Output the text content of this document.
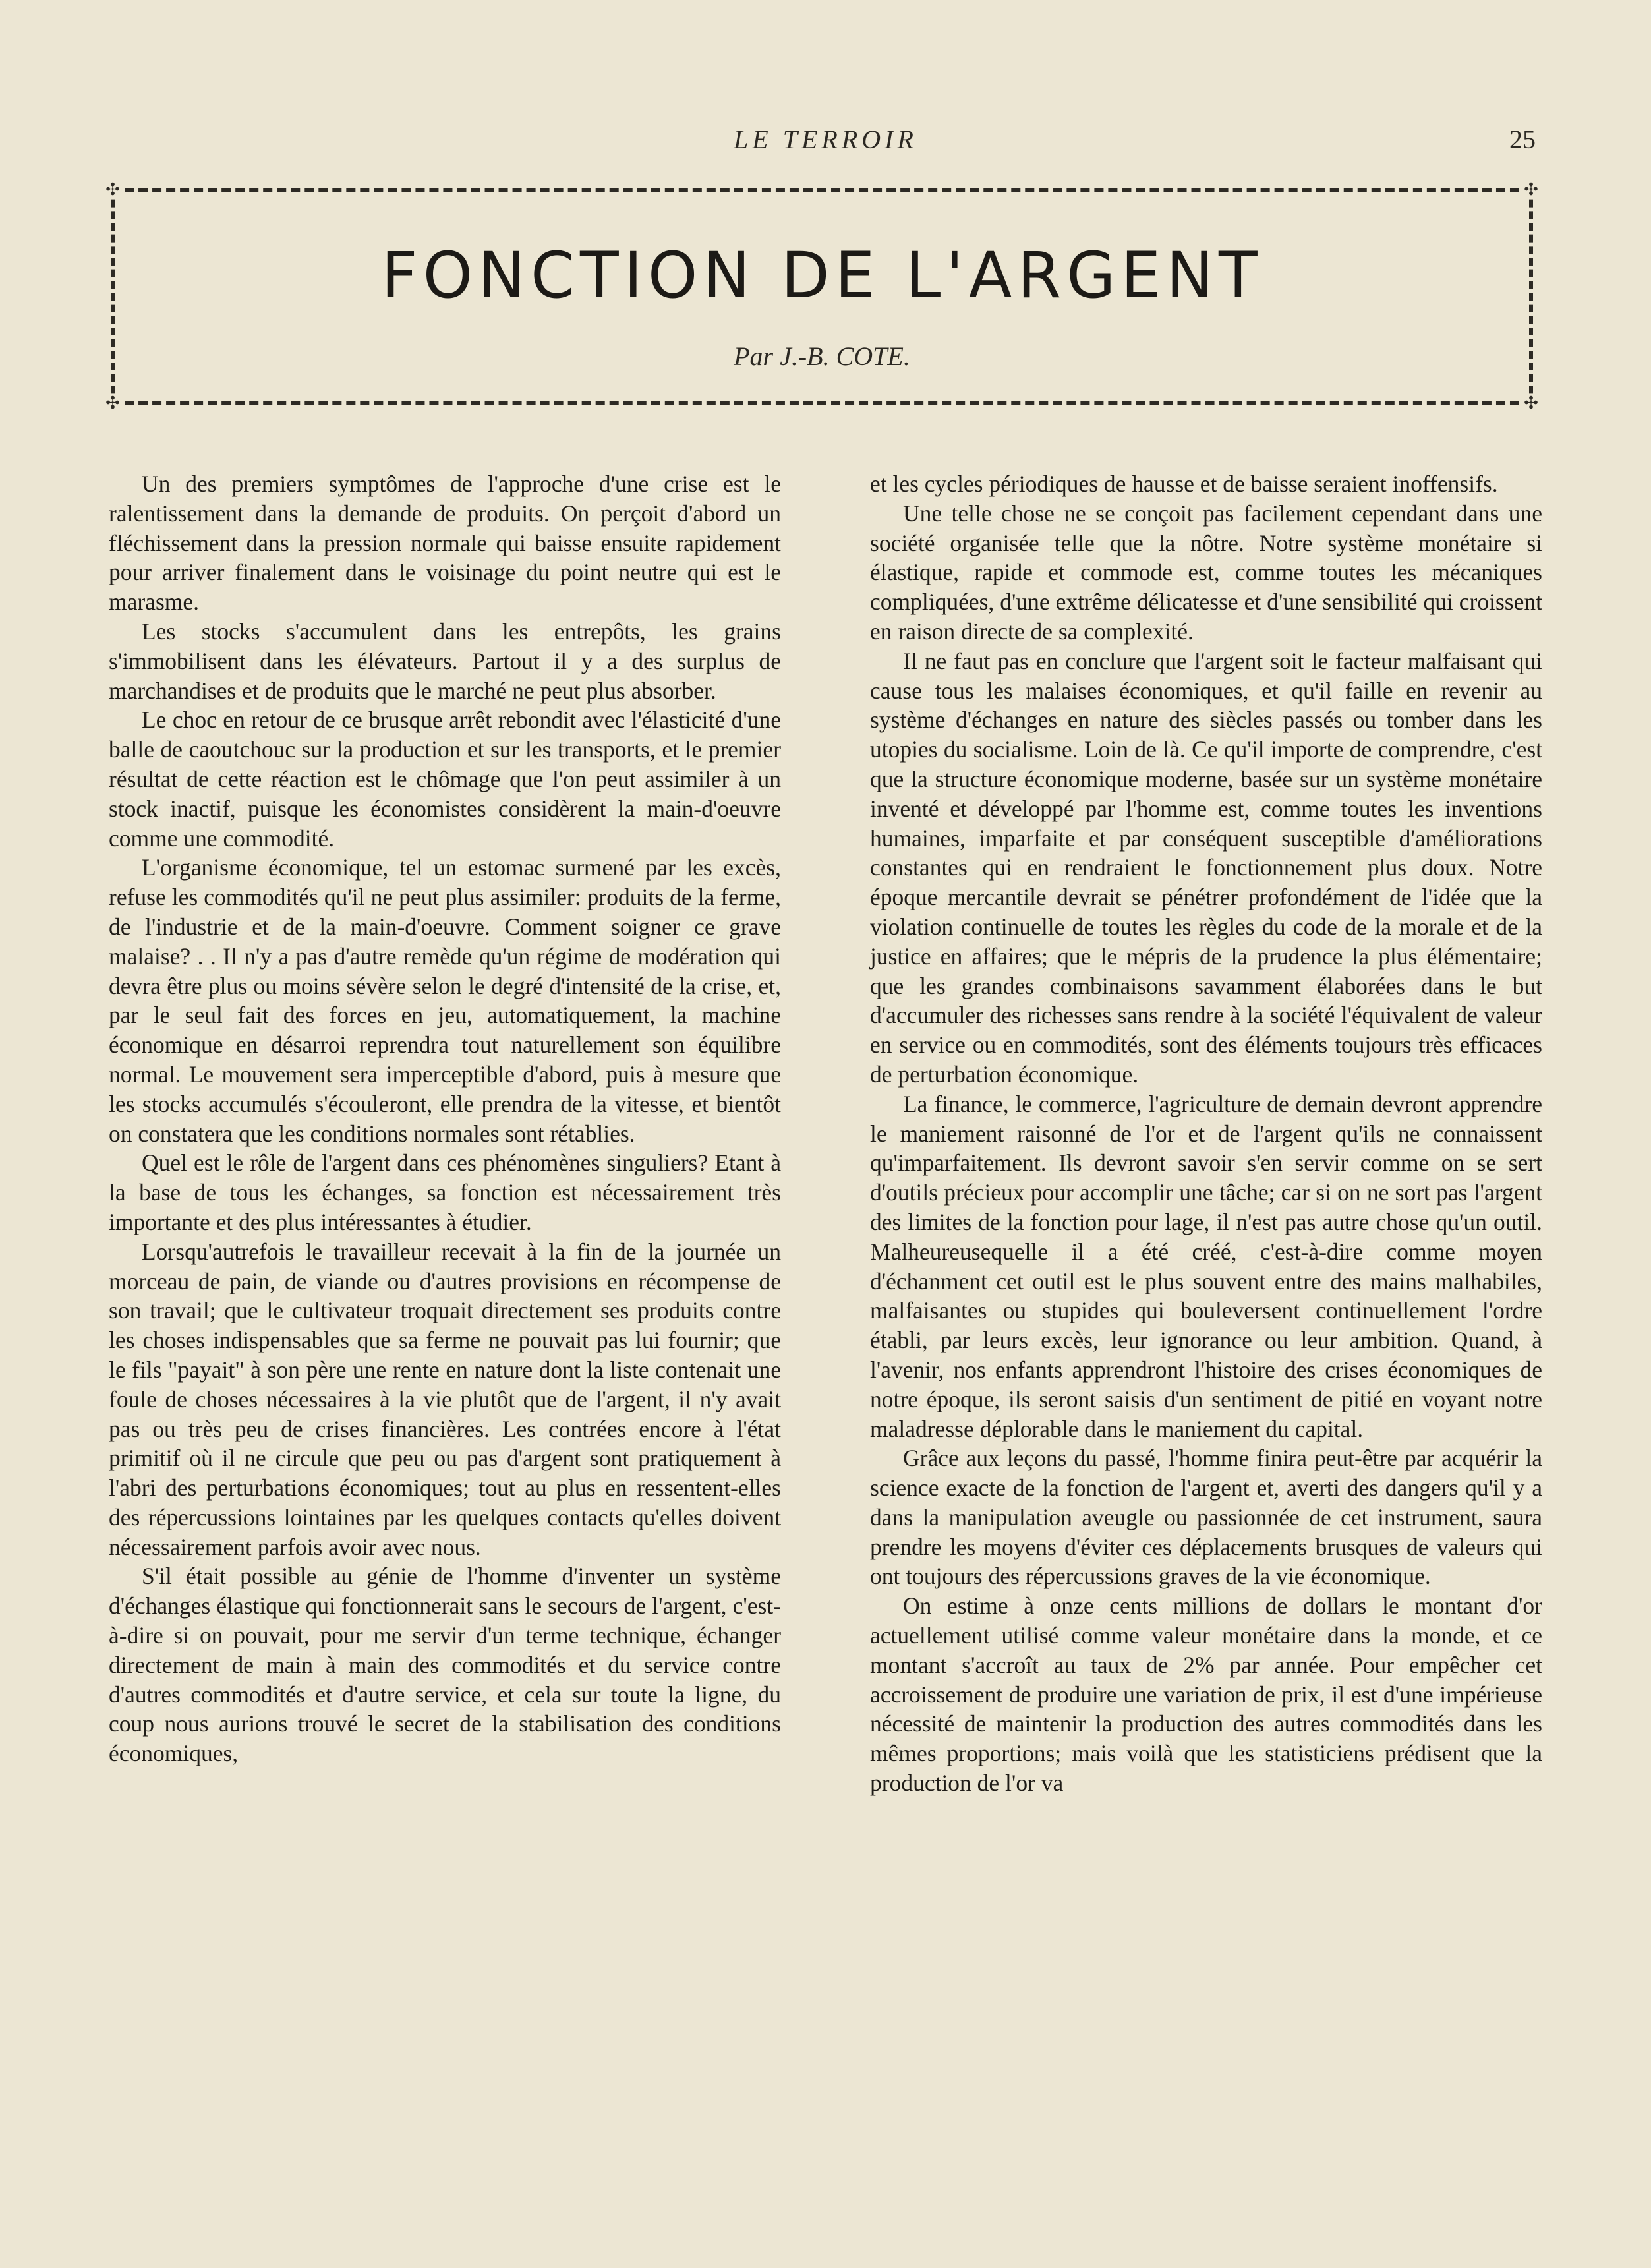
LE TERROIR	25
✣	✣
✣	✣
FONCTION DE L'ARGENT
Par J.-B. COTE.

Un des premiers symptômes de l'approche d'une crise est le ralentissement dans la demande de produits. On perçoit d'abord un fléchissement dans la pression normale qui baisse ensuite rapidement pour arriver finalement dans le voisinage du point neutre qui est le marasme.

Les stocks s'accumulent dans les entrepôts, les grains s'immobilisent dans les élévateurs. Partout il y a des surplus de marchandises et de produits que le marché ne peut plus absorber.

Le choc en retour de ce brusque arrêt rebondit avec l'élasticité d'une balle de caoutchouc sur la production et sur les transports, et le premier résultat de cette réaction est le chômage que l'on peut assimiler à un stock inactif, puisque les économistes considèrent la main-d'oeuvre comme une commodité.

L'organisme économique, tel un estomac surmené par les excès, refuse les commodités qu'il ne peut plus assimiler: produits de la ferme, de l'industrie et de la main-d'oeuvre. Comment soigner ce grave malaise? . . Il n'y a pas d'autre remède qu'un régime de modération qui devra être plus ou moins sévère selon le degré d'intensité de la crise, et, par le seul fait des forces en jeu, automatiquement, la machine économique en désarroi reprendra tout naturellement son équilibre normal. Le mouvement sera imperceptible d'abord, puis à mesure que les stocks accumulés s'écouleront, elle prendra de la vitesse, et bientôt on constatera que les conditions normales sont rétablies.

Quel est le rôle de l'argent dans ces phénomènes singuliers? Etant à la base de tous les échanges, sa fonction est nécessairement très importante et des plus intéressantes à étudier.

Lorsqu'autrefois le travailleur recevait à la fin de la journée un morceau de pain, de viande ou d'autres provisions en récompense de son travail; que le cultivateur troquait directement ses produits contre les choses indispensables que sa ferme ne pouvait pas lui fournir; que le fils "payait" à son père une rente en nature dont la liste contenait une foule de choses nécessaires à la vie plutôt que de l'argent, il n'y avait pas ou très peu de crises financières. Les contrées encore à l'état primitif où il ne circule que peu ou pas d'argent sont pratiquement à l'abri des perturbations économiques; tout au plus en ressentent-elles des répercussions lointaines par les quelques contacts qu'elles doivent nécessairement parfois avoir avec nous.

S'il était possible au génie de l'homme d'inventer un système d'échanges élastique qui fonctionnerait sans le secours de l'argent, c'est-à-dire si on pouvait, pour me servir d'un terme technique, échanger directement de main à main des commodités et du service contre d'autres commodités et d'autre service, et cela sur toute la ligne, du coup nous aurions trouvé le secret de la stabilisation des conditions économiques,

et les cycles périodiques de hausse et de baisse seraient inoffensifs.

Une telle chose ne se conçoit pas facilement cependant dans une société organisée telle que la nôtre. Notre système monétaire si élastique, rapide et commode est, comme toutes les mécaniques compliquées, d'une extrême délicatesse et d'une sensibilité qui croissent en raison directe de sa complexité.

Il ne faut pas en conclure que l'argent soit le facteur malfaisant qui cause tous les malaises économiques, et qu'il faille en revenir au système d'échanges en nature des siècles passés ou tomber dans les utopies du socialisme. Loin de là. Ce qu'il importe de comprendre, c'est que la structure économique moderne, basée sur un système monétaire inventé et développé par l'homme est, comme toutes les inventions humaines, imparfaite et par conséquent susceptible d'améliorations constantes qui en rendraient le fonctionnement plus doux. Notre époque mercantile devrait se pénétrer profondément de l'idée que la violation continuelle de toutes les règles du code de la morale et de la justice en affaires; que le mépris de la prudence la plus élémentaire; que les grandes combinaisons savamment élaborées dans le but d'accumuler des richesses sans rendre à la société l'équivalent de valeur en service ou en commodités, sont des éléments toujours très efficaces de perturbation économique.

La finance, le commerce, l'agriculture de demain devront apprendre le maniement raisonné de l'or et de l'argent qu'ils ne connaissent qu'imparfaitement. Ils devront savoir s'en servir comme on se sert d'outils précieux pour accomplir une tâche; car si on ne sort pas l'argent des limites de la fonction pour lage, il n'est pas autre chose qu'un outil. Malheureusequelle il a été créé, c'est-à-dire comme moyen d'échanment cet outil est le plus souvent entre des mains malhabiles, malfaisantes ou stupides qui bouleversent continuellement l'ordre établi, par leurs excès, leur ignorance ou leur ambition. Quand, à l'avenir, nos enfants apprendront l'histoire des crises économiques de notre époque, ils seront saisis d'un sentiment de pitié en voyant notre maladresse déplorable dans le maniement du capital.

Grâce aux leçons du passé, l'homme finira peut-être par acquérir la science exacte de la fonction de l'argent et, averti des dangers qu'il y a dans la manipulation aveugle ou passionnée de cet instrument, saura prendre les moyens d'éviter ces déplacements brusques de valeurs qui ont toujours des répercussions graves de la vie économique.

On estime à onze cents millions de dollars le montant d'or actuellement utilisé comme valeur monétaire dans la monde, et ce montant s'accroît au taux de 2% par année. Pour empêcher cet accroissement de produire une variation de prix, il est d'une impérieuse nécessité de maintenir la production des autres commodités dans les mêmes proportions; mais voilà que les statisticiens prédisent que la production de l'or va
